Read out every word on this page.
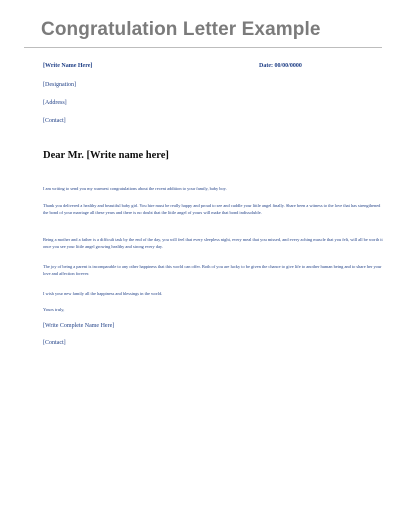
Congratulation Letter Example
[Write Name Here]	Date: 00/00/0000
[Designation]
[Address]
[Contact]
Dear Mr. [Write name here]

I am writing to send you my warmest congratulations about the recent addition to your family, baby boy.

Thank you delivered a healthy and beautiful baby girl. You hire must be really happy and proud to see and cuddle your little angel finally. Share been a witness to the love that has strengthened the bond of your marriage all these years and there is no doubt that the little angel of yours will make that bond indissoluble.

Being a mother and a father is a difficult task by the end of the day, you will feel that every sleepless night, every meal that you missed, and every aching muscle that you felt, will all be worth it once you see your little angel growing healthy and strong every day.

The joy of being a parent is incomparable to any other happiness that this world can offer. Both of you are lucky to be given the chance to give life to another human being and to share her your love and affection forever.

I wish your new family all the happiness and blessings in the world.

Yours truly,
[Write Complete Name Here]
[Contact]
